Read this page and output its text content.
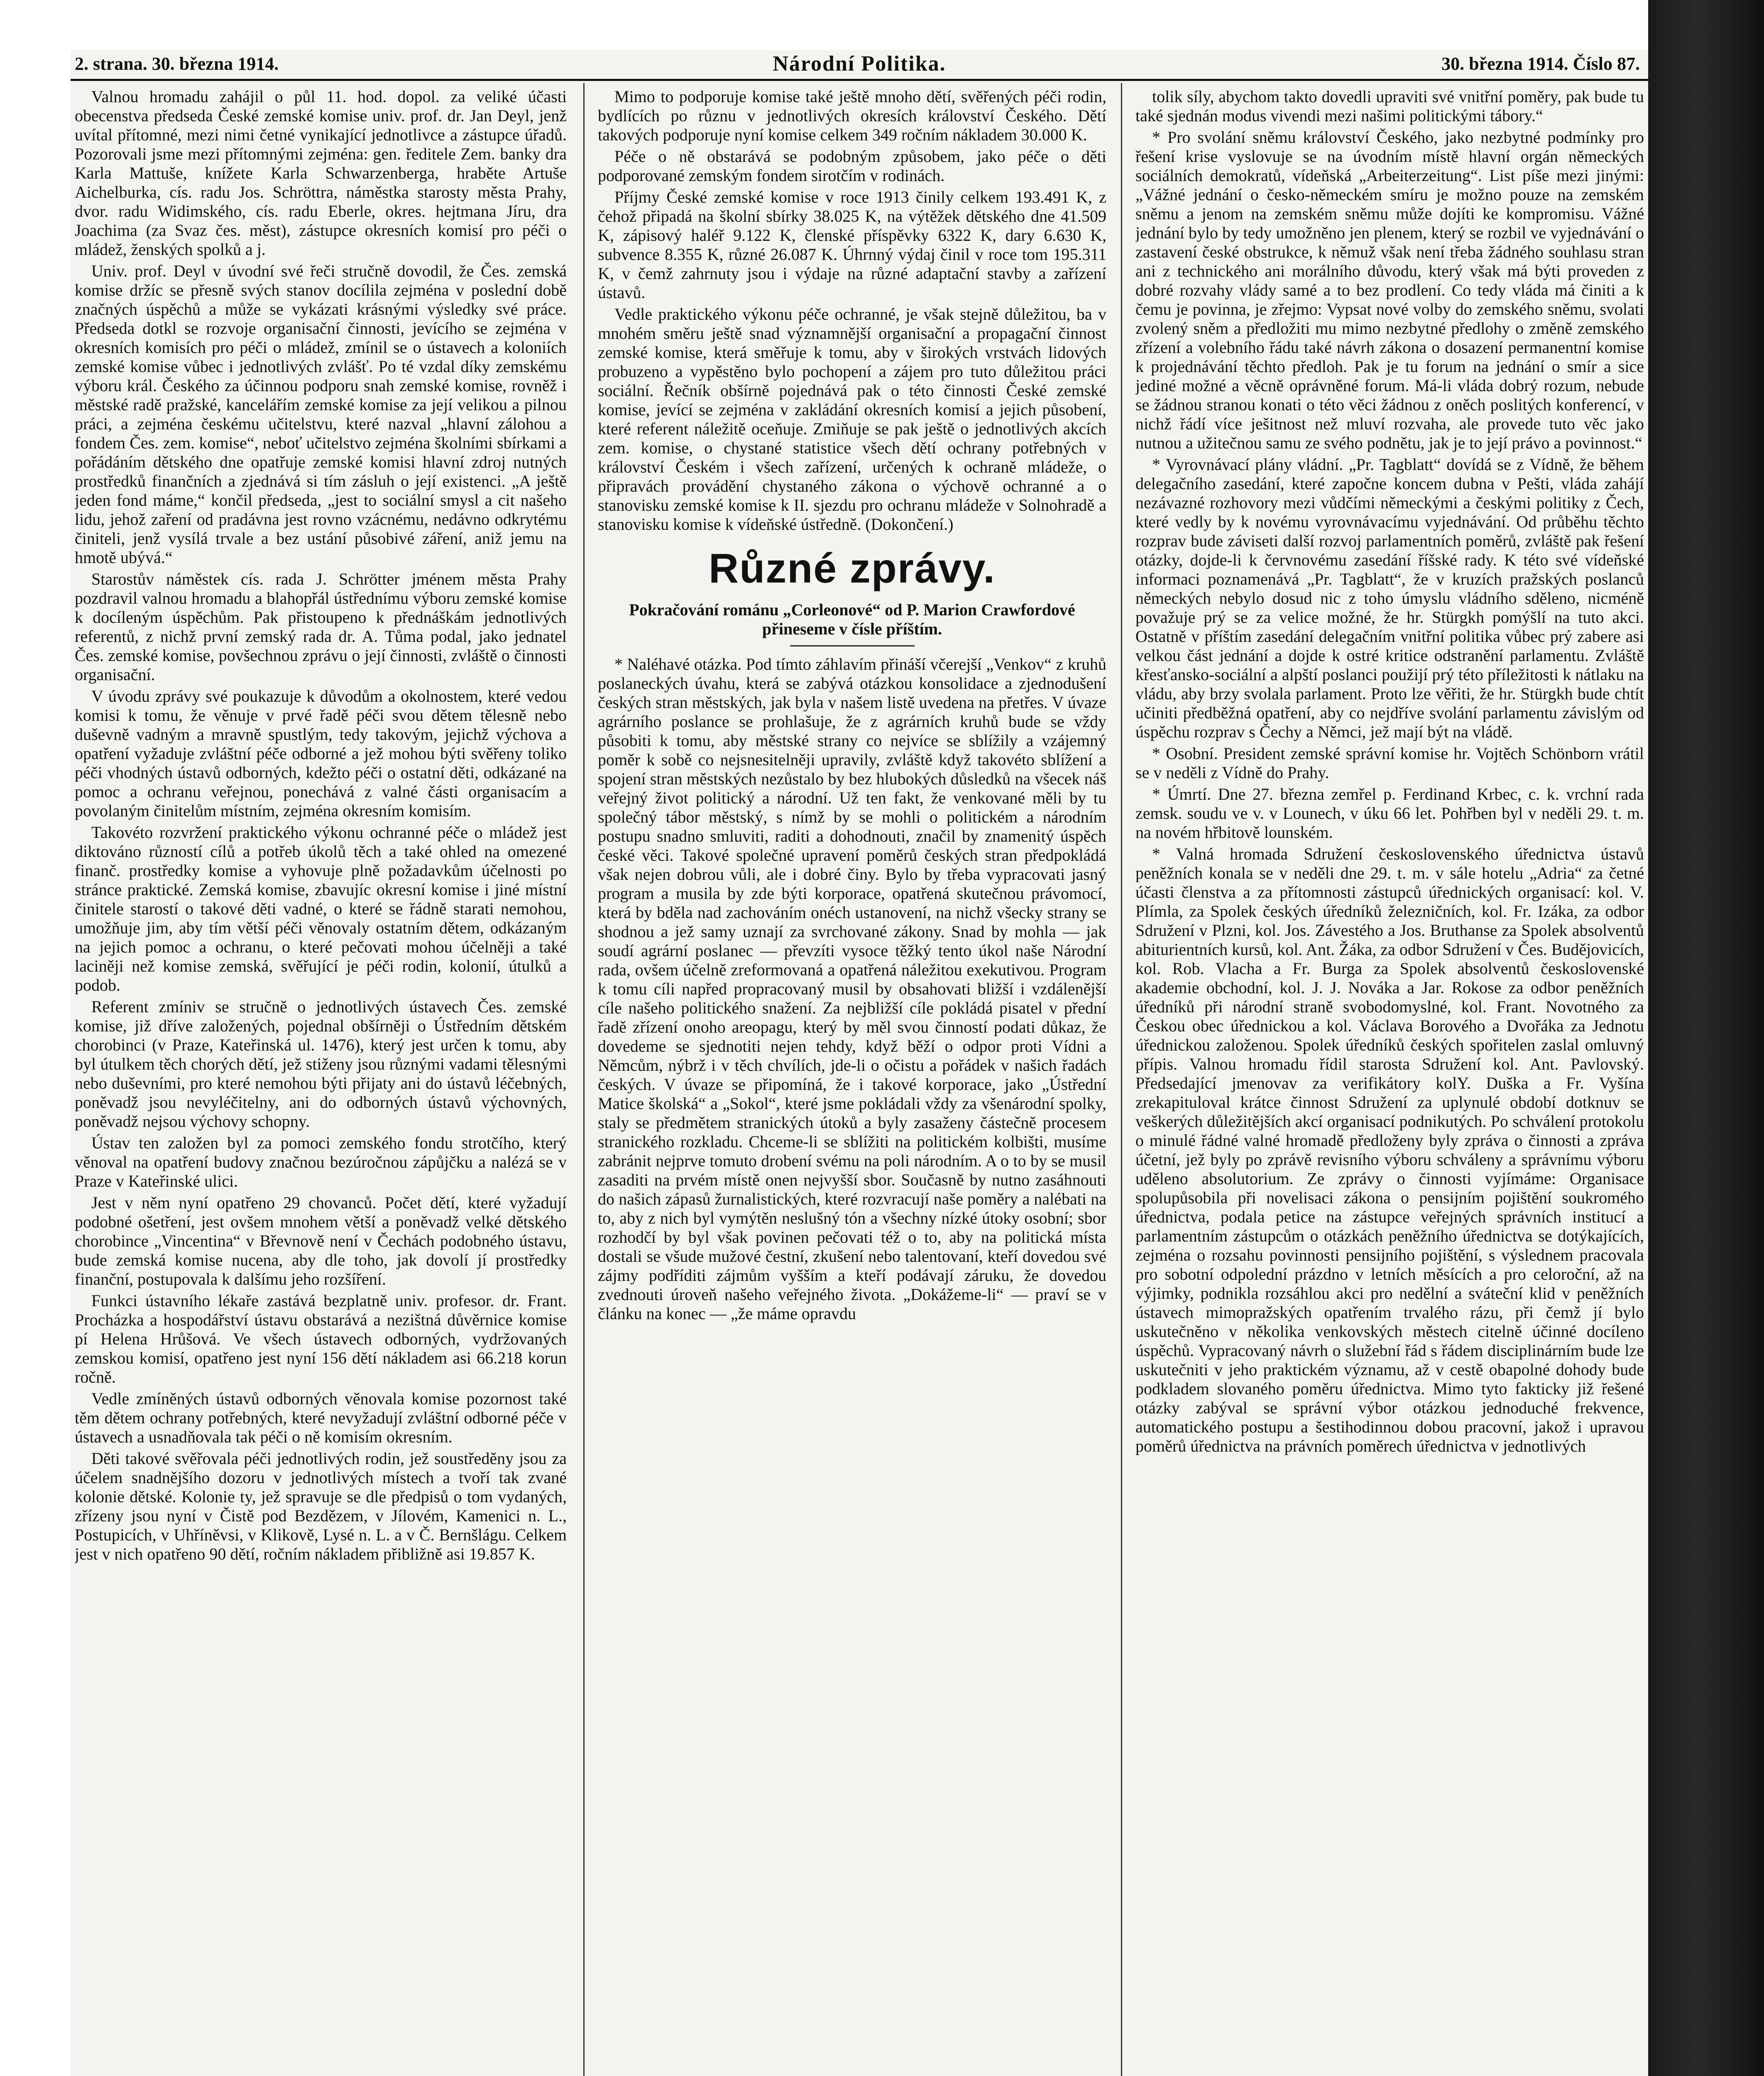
2. strana. 30. března 1914.	Národní Politika.	30. března 1914. Číslo 87.

Valnou hromadu zahájil o půl 11. hod. dopol. za veliké účasti obecenstva předseda České zemské komise univ. prof. dr. Jan Deyl, jenž uvítal přítomné, mezi nimi četné vynikající jednotlivce a zástupce úřadů. Pozorovali jsme mezi přítomnými zejména: gen. ředitele Zem. banky dra Karla Mattuše, knížete Karla Schwarzenberga, hraběte Artuše Aichelburka, cís. radu Jos. Schröttra, náměstka starosty města Prahy, dvor. radu Widimského, cís. radu Eberle, okres. hejtmana Jíru, dra Joachima (za Svaz čes. měst), zástupce okresních komisí pro péči o mládež, ženských spolků a j.

Univ. prof. Deyl v úvodní své řeči stručně dovodil, že Čes. zemská komise držíc se přesně svých stanov docílila zejména v poslední době značných úspěchů a může se vykázati krásnými výsledky své práce. Předseda dotkl se rozvoje organisační činnosti, jevícího se zejména v okresních komisích pro péči o mládež, zmínil se o ústavech a koloniích zemské komise vůbec i jednotlivých zvlášť. Po té vzdal díky zemskému výboru král. Českého za účinnou podporu snah zemské komise, rovněž i městské radě pražské, kancelářím zemské komise za její velikou a pilnou práci, a zejména českému učitelstvu, které nazval „hlavní zálohou a fondem Čes. zem. komise“, neboť učitelstvo zejména školními sbírkami a pořádáním dětského dne opatřuje zemské komisi hlavní zdroj nutných prostředků finančních a zjednává si tím zásluh o její existenci. „A ještě jeden fond máme,“ končil předseda, „jest to sociální smysl a cit našeho lidu, jehož zaření od pradávna jest rovno vzácnému, nedávno odkrytému činiteli, jenž vysílá trvale a bez ustání působivé záření, aniž jemu na hmotě ubývá.“

Starostův náměstek cís. rada J. Schrötter jménem města Prahy pozdravil valnou hromadu a blahopřál ústřednímu výboru zemské komise k docíleným úspěchům. Pak přistoupeno k přednáškám jednotlivých referentů, z nichž první zemský rada dr. A. Tůma podal, jako jednatel Čes. zemské komise, povšechnou zprávu o její činnosti, zvláště o činnosti organisační.

V úvodu zprávy své poukazuje k důvodům a okolnostem, které vedou komisi k tomu, že věnuje v prvé řadě péči svou dětem tělesně nebo duševně vadným a mravně spustlým, tedy takovým, jejichž výchova a opatření vyžaduje zvláštní péče odborné a jež mohou býti svěřeny toliko péči vhodných ústavů odborných, kdežto péči o ostatní děti, odkázané na pomoc a ochranu veřejnou, ponechává z valné části organisacím a povolaným činitelům místním, zejména okresním komisím.

Takovéto rozvržení praktického výkonu ochranné péče o mládež jest diktováno růzností cílů a potřeb úkolů těch a také ohled na omezené finanč. prostředky komise a vyhovuje plně požadavkům účelnosti po stránce praktické. Zemská komise, zbavujíc okresní komise i jiné místní činitele starostí o takové děti vadné, o které se řádně starati nemohou, umožňuje jim, aby tím větší péči věnovaly ostatním dětem, odkázaným na jejich pomoc a ochranu, o které pečovati mohou účelněji a také laciněji než komise zemská, svěřující je péči rodin, kolonií, útulků a podob.

Referent zmíniv se stručně o jednotlivých ústavech Čes. zemské komise, již dříve založených, pojednal obšírněji o Ústředním dětském chorobinci (v Praze, Kateřinská ul. 1476), který jest určen k tomu, aby byl útulkem těch chorých dětí, jež stiženy jsou různými vadami tělesnými nebo duševními, pro které nemohou býti přijaty ani do ústavů léčebných, poněvadž jsou nevyléčitelny, ani do odborných ústavů výchovných, poněvadž nejsou výchovy schopny.

Ústav ten založen byl za pomoci zemského fondu strotčího, který věnoval na opatření budovy značnou bezúročnou zápůjčku a nalézá se v Praze v Kateřinské ulici.

Jest v něm nyní opatřeno 29 chovanců. Počet dětí, které vyžadují podobné ošetření, jest ovšem mnohem větší a poněvadž velké dětského chorobince „Vincentina“ v Břevnově není v Čechách podobného ústavu, bude zemská komise nucena, aby dle toho, jak dovolí jí prostředky finanční, postupovala k dalšímu jeho rozšíření.

Funkci ústavního lékaře zastává bezplatně univ. profesor. dr. Frant. Procházka a hospodářství ústavu obstarává a nezištná důvěrnice komise pí Helena Hrůšová. Ve všech ústavech odborných, vydržovaných zemskou komisí, opatřeno jest nyní 156 dětí nákladem asi 66.218 korun ročně.

Vedle zmíněných ústavů odborných věnovala komise pozornost také těm dětem ochrany potřebných, které nevyžadují zvláštní odborné péče v ústavech a usnadňovala tak péči o ně komisím okresním.

Děti takové svěřovala péči jednotlivých rodin, jež soustředěny jsou za účelem snadnějšího dozoru v jednotlivých místech a tvoří tak zvané kolonie dětské. Kolonie ty, jež spravuje se dle předpisů o tom vydaných, zřízeny jsou nyní v Čistě pod Bezdězem, v Jílovém, Kamenici n. L., Postupicích, v Uhříněvsi, v Klikově, Lysé n. L. a v Č. Bernšlágu. Celkem jest v nich opatřeno 90 dětí, ročním nákladem přibližně asi 19.857 K.

Mimo to podporuje komise také ještě mnoho dětí, svěřených péči rodin, bydlících po různu v jednotlivých okresích království Českého. Dětí takových podporuje nyní komise celkem 349 ročním nákladem 30.000 K.

Péče o ně obstarává se podobným způsobem, jako péče o děti podporované zemským fondem sirotčím v rodinách.

Příjmy České zemské komise v roce 1913 činily celkem 193.491 K, z čehož připadá na školní sbírky 38.025 K, na výtěžek dětského dne 41.509 K, zápisový haléř 9.122 K, členské příspěvky 6322 K, dary 6.630 K, subvence 8.355 K, různé 26.087 K. Úhrnný výdaj činil v roce tom 195.311 K, v čemž zahrnuty jsou i výdaje na různé adaptační stavby a zařízení ústavů.

Vedle praktického výkonu péče ochranné, je však stejně důležitou, ba v mnohém směru ještě snad významnější organisační a propagační činnost zemské komise, která směřuje k tomu, aby v širokých vrstvách lidových probuzeno a vypěstěno bylo pochopení a zájem pro tuto důležitou práci sociální. Řečník obšírně pojednává pak o této činnosti České zemské komise, jevící se zejména v zakládání okresních komisí a jejich působení, které referent náležitě oceňuje. Zmiňuje se pak ještě o jednotlivých akcích zem. komise, o chystané statistice všech dětí ochrany potřebných v království Českém i všech zařízení, určených k ochraně mládeže, o připravách provádění chystaného zákona o výchově ochranné a o stanovisku zemské komise k II. sjezdu pro ochranu mládeže v Solnohradě a stanovisku komise k vídeňské ústředně. (Dokončení.)

Různé zprávy.

Pokračování románu „Corleonové“ od P. Marion Crawfordové přineseme v čísle příštím.

* Naléhavé otázka. Pod tímto záhlavím přináší včerejší „Venkov“ z kruhů poslaneckých úvahu, která se zabývá otázkou konsolidace a zjednodušení českých stran městských, jak byla v našem listě uvedena na přetřes. V úvaze agrárního poslance se prohlašuje, že z agrárních kruhů bude se vždy působiti k tomu, aby městské strany co nejvíce se sblížily a vzájemný poměr k sobě co nejsnesitelněji upravily, zvláště když takovéto sblížení a spojení stran městských nezůstalo by bez hlubokých důsledků na všecek náš veřejný život politický a národní. Už ten fakt, že venkované měli by tu společný tábor městský, s nímž by se mohli o politickém a národním postupu snadno smluviti, raditi a dohodnouti, značil by znamenitý úspěch české věci. Takové společné upravení poměrů českých stran předpokládá však nejen dobrou vůli, ale i dobré činy. Bylo by třeba vypracovati jasný program a musila by zde býti korporace, opatřená skutečnou právomocí, která by bděla nad zachováním onéch ustanovení, na nichž všecky strany se shodnou a jež samy uznají za svrchované zákony. Snad by mohla — jak soudí agrární poslanec — převzíti vysoce těžký tento úkol naše Národní rada, ovšem účelně zreformovaná a opatřená náležitou exekutivou. Program k tomu cíli napřed propracovaný musil by obsahovati bližší i vzdálenější cíle našeho politického snažení. Za nejbližší cíle pokládá pisatel v přední řadě zřízení onoho areopagu, který by měl svou činností podati důkaz, že dovedeme se sjednotiti nejen tehdy, když běží o odpor proti Vídni a Němcům, nýbrž i v těch chvílích, jde-li o očistu a pořádek v našich řadách českých. V úvaze se připomíná, že i takové korporace, jako „Ústřední Matice školská“ a „Sokol“, které jsme pokládali vždy za všenárodní spolky, staly se předmětem stranických útoků a byly zasaženy částečně procesem stranického rozkladu. Chceme-li se sblížiti na politickém kolbišti, musíme zabránit nejprve tomuto drobení svému na poli národním. A o to by se musil zasaditi na prvém místě onen nejvyšší sbor. Současně by nutno zasáhnouti do našich zápasů žurnalistických, které rozvracují naše poměry a nalébati na to, aby z nich byl vymýtěn neslušný tón a všechny nízké útoky osobní; sbor rozhodčí by byl však povinen pečovati též o to, aby na politická místa dostali se všude mužové čestní, zkušení nebo talentovaní, kteří dovedou své zájmy podříditi zájmům vyšším a kteří podávají záruku, že dovedou zvednouti úroveň našeho veřejného života. „Dokážeme-li“ — praví se v článku na konec — „že máme opravdu

tolik síly, abychom takto dovedli upraviti své vnitřní poměry, pak bude tu také sjednán modus vivendi mezi našimi politickými tábory.“

* Pro svolání sněmu království Českého, jako nezbytné podmínky pro řešení krise vyslovuje se na úvodním místě hlavní orgán německých sociálních demokratů, vídeňská „Arbeiterzeitung“. List píše mezi jinými: „Vážné jednání o česko-německém smíru je možno pouze na zemském sněmu a jenom na zemském sněmu může dojíti ke kompromisu. Vážné jednání bylo by tedy umožněno jen plenem, který se rozbil ve vyjednávání o zastavení české obstrukce, k němuž však není třeba žádného souhlasu stran ani z technického ani morálního důvodu, který však má býti proveden z dobré rozvahy vlády samé a to bez prodlení. Co tedy vláda má činiti a k čemu je povinna, je zřejmo: Vypsat nové volby do zemského sněmu, svolati zvolený sněm a předložiti mu mimo nezbytné předlohy o změně zemského zřízení a volebního řádu také návrh zákona o dosazení permanentní komise k projednávání těchto předloh. Pak je tu forum na jednání o smír a sice jediné možné a věcně oprávněné forum. Má-li vláda dobrý rozum, nebude se žádnou stranou konati o této věci žádnou z oněch poslitých konferencí, v nichž řádí více ješitnost než mluví rozvaha, ale provede tuto věc jako nutnou a užitečnou samu ze svého podnětu, jak je to její právo a povinnost.“

* Vyrovnávací plány vládní. „Pr. Tagblatt“ dovídá se z Vídně, že během delegačního zasedání, které započne koncem dubna v Pešti, vláda zahájí nezávazné rozhovory mezi vůdčími německými a českými politiky z Čech, které vedly by k novému vyrovnávacímu vyjednávání. Od průběhu těchto rozprav bude záviseti další rozvoj parlamentních poměrů, zvláště pak řešení otázky, dojde-li k červnovému zasedání říšské rady. K této své vídeňské informaci poznamenává „Pr. Tagblatt“, že v kruzích pražských poslanců německých nebylo dosud nic z toho úmyslu vládního sděleno, nicméně považuje prý se za velice možné, že hr. Stürgkh pomýšlí na tuto akci. Ostatně v příštím zasedání delegačním vnitřní politika vůbec prý zabere asi velkou část jednání a dojde k ostré kritice odstranění parlamentu. Zvláště křesťansko-sociální a alpští poslanci použijí prý této příležitosti k nátlaku na vládu, aby brzy svolala parlament. Proto lze věřiti, že hr. Stürgkh bude chtít učiniti předběžná opatření, aby co nejdříve svolání parlamentu závislým od úspěchu rozprav s Čechy a Němci, jež mají být na vládě.

* Osobní. President zemské správní komise hr. Vojtěch Schönborn vrátil se v neděli z Vídně do Prahy.

* Úmrtí. Dne 27. března zemřel p. Ferdinand Krbec, c. k. vrchní rada zemsk. soudu ve v. v Lounech, v úku 66 let. Pohřben byl v neděli 29. t. m. na novém hřbitově lounském.

* Valná hromada Sdružení československého úřednictva ústavů peněžních konala se v neděli dne 29. t. m. v sále hotelu „Adria“ za četné účasti členstva a za přítomnosti zástupců úřednických organisací: kol. V. Plímla, za Spolek českých úředníků železničních, kol. Fr. Izáka, za odbor Sdružení v Plzni, kol. Jos. Závestého a Jos. Bruthanse za Spolek absolventů abiturientních kursů, kol. Ant. Žáka, za odbor Sdružení v Čes. Budějovicích, kol. Rob. Vlacha a Fr. Burga za Spolek absolventů československé akademie obchodní, kol. J. J. Nováka a Jar. Rokose za odbor peněžních úředníků při národní straně svobodomyslné, kol. Frant. Novotného za Českou obec úřednickou a kol. Václava Borového a Dvořáka za Jednotu úřednickou založenou. Spolek úředníků českých spořitelen zaslal omluvný přípis. Valnou hromadu řídil starosta Sdružení kol. Ant. Pavlovský. Předsedající jmenovav za verifikátory kolY. Duška a Fr. Vyšína zrekapituloval krátce činnost Sdružení za uplynulé období dotknuv se veškerých důležitějších akcí organisací podnikutých. Po schválení protokolu o minulé řádné valné hromadě předloženy byly zpráva o činnosti a zpráva účetní, jež byly po zprávě revisního výboru schváleny a správnímu výboru uděleno absolutorium. Ze zprávy o činnosti vyjímáme: Organisace spolupůsobila při novelisaci zákona o pensijním pojištění soukromého úřednictva, podala petice na zástupce veřejných správních institucí a parlamentním zástupcům o otázkách peněžního úřednictva se dotýkajících, zejména o rozsahu povinnosti pensijního pojištění, s výslednem pracovala pro sobotní odpolední prázdno v letních měsících a pro celoroční, až na výjimky, podnikla rozsáhlou akci pro nedělní a sváteční klid v peněžních ústavech mimopražských opatřením trvalého rázu, při čemž jí bylo uskutečněno v několika venkovských městech citelně účinné docíleno úspěchů. Vypracovaný návrh o služební řád s řádem disciplinárním bude lze uskutečniti v jeho praktickém významu, až v cestě obapolné dohody bude podkladem slovaného poměru úřednictva. Mimo tyto fakticky již řešené otázky zabýval se správní výbor otázkou jednoduché frekvence, automatického postupu a šestihodinnou dobou pracovní, jakož i upravou poměrů úřednictva na právních poměrech úřednictva v jednotlivých
